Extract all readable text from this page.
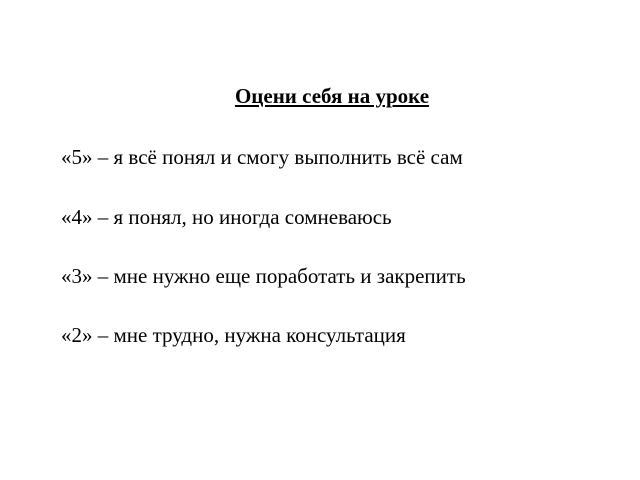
Оцени себя на уроке
«5» – я всё понял и смогу выполнить всё сам
«4» – я понял, но иногда сомневаюсь
«3» – мне нужно еще поработать и закрепить
«2» – мне трудно, нужна консультация
